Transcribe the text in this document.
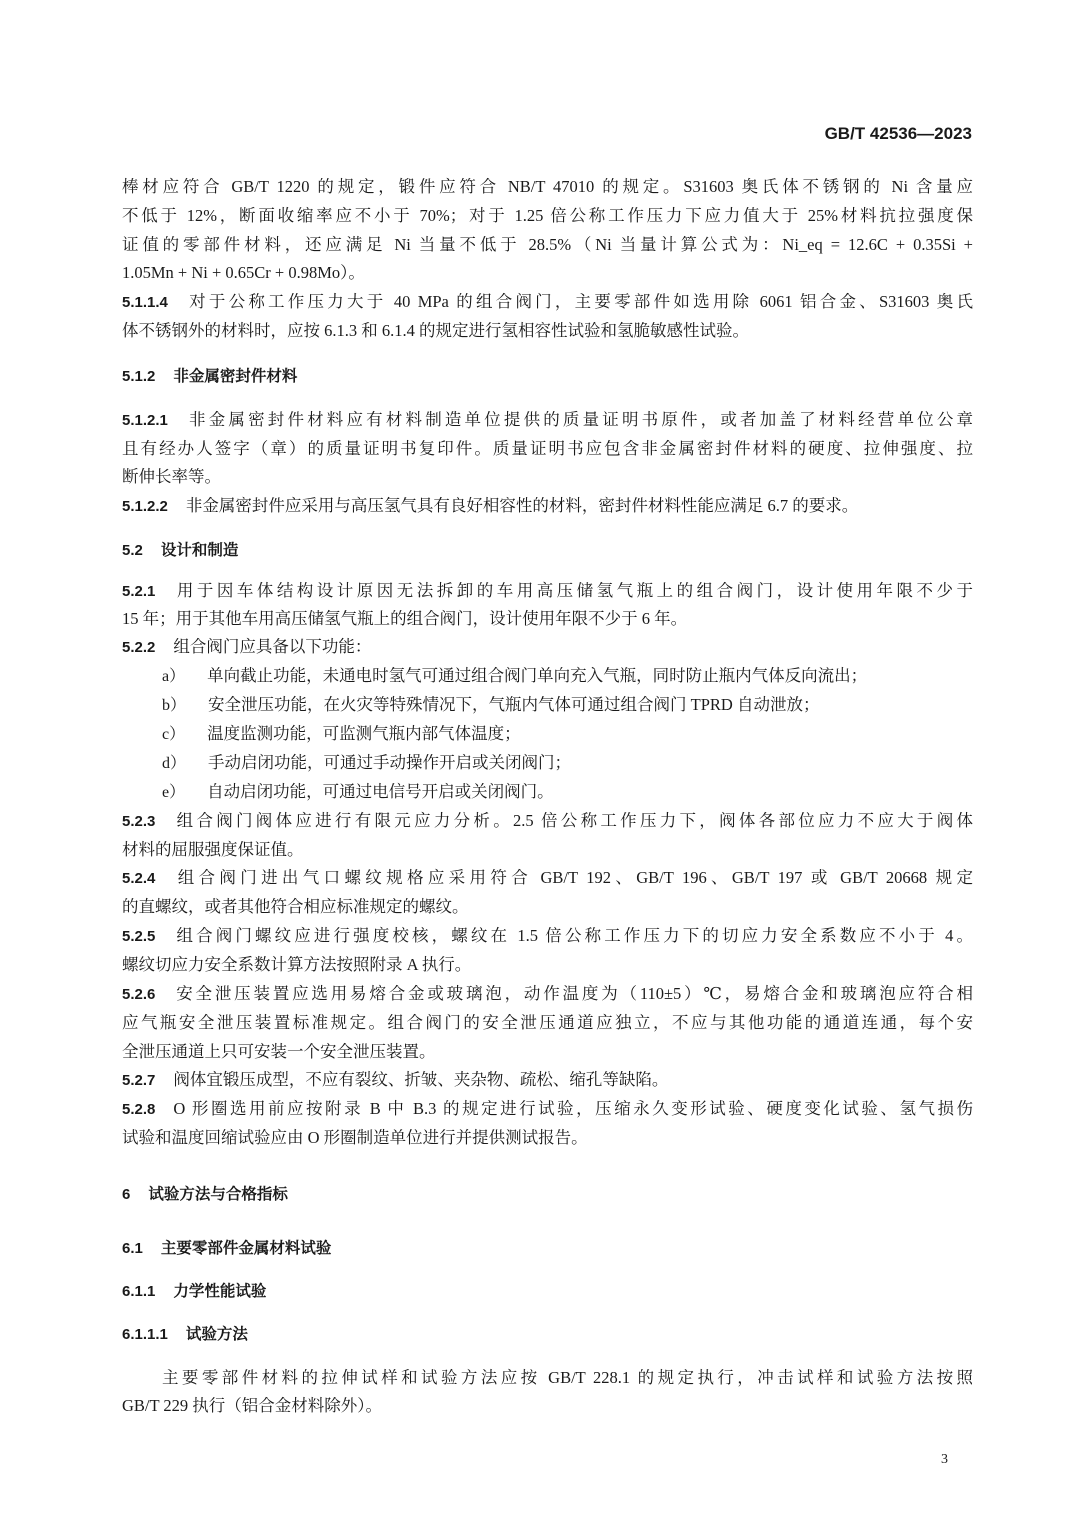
GB/T 42536—2023
棒材应符合 GB/T 1220 的规定，锻件应符合 NB/T 47010 的规定。S31603 奥氏体不锈钢的 Ni 含量应
不低于 12%，断面收缩率应不小于 70%；对于 1.25 倍公称工作压力下应力值大于 25%材料抗拉强度保
证值的零部件材料，还应满足 Ni 当量不低于 28.5%（Ni 当量计算公式为：Ni_eq = 12.6C + 0.35Si +
1.05Mn + Ni + 0.65Cr + 0.98Mo）。
5.1.1.4 对于公称工作压力大于 40 MPa 的组合阀门，主要零部件如选用除 6061 铝合金、S31603 奥氏
体不锈钢外的材料时，应按 6.1.3 和 6.1.4 的规定进行氢相容性试验和氢脆敏感性试验。
5.1.2 非金属密封件材料
5.1.2.1 非金属密封件材料应有材料制造单位提供的质量证明书原件，或者加盖了材料经营单位公章
且有经办人签字（章）的质量证明书复印件。质量证明书应包含非金属密封件材料的硬度、拉伸强度、拉
断伸长率等。
5.1.2.2 非金属密封件应采用与高压氢气具有良好相容性的材料，密封件材料性能应满足 6.7 的要求。
5.2 设计和制造
5.2.1 用于因车体结构设计原因无法拆卸的车用高压储氢气瓶上的组合阀门，设计使用年限不少于
15 年；用于其他车用高压储氢气瓶上的组合阀门，设计使用年限不少于 6 年。
5.2.2 组合阀门应具备以下功能：
a） 单向截止功能，未通电时氢气可通过组合阀门单向充入气瓶，同时防止瓶内气体反向流出；
b） 安全泄压功能，在火灾等特殊情况下，气瓶内气体可通过组合阀门 TPRD 自动泄放；
c） 温度监测功能，可监测气瓶内部气体温度；
d） 手动启闭功能，可通过手动操作开启或关闭阀门；
e） 自动启闭功能，可通过电信号开启或关闭阀门。
5.2.3 组合阀门阀体应进行有限元应力分析。2.5 倍公称工作压力下，阀体各部位应力不应大于阀体
材料的屈服强度保证值。
5.2.4 组合阀门进出气口螺纹规格应采用符合 GB/T 192、GB/T 196、GB/T 197 或 GB/T 20668 规定
的直螺纹，或者其他符合相应标准规定的螺纹。
5.2.5 组合阀门螺纹应进行强度校核，螺纹在 1.5 倍公称工作压力下的切应力安全系数应不小于 4。
螺纹切应力安全系数计算方法按照附录 A 执行。
5.2.6 安全泄压装置应选用易熔合金或玻璃泡，动作温度为（110±5）℃，易熔合金和玻璃泡应符合相
应气瓶安全泄压装置标准规定。组合阀门的安全泄压通道应独立，不应与其他功能的通道连通，每个安
全泄压通道上只可安装一个安全泄压装置。
5.2.7 阀体宜锻压成型，不应有裂纹、折皱、夹杂物、疏松、缩孔等缺陷。
5.2.8 O 形圈选用前应按附录 B 中 B.3 的规定进行试验，压缩永久变形试验、硬度变化试验、氢气损伤
试验和温度回缩试验应由 O 形圈制造单位进行并提供测试报告。
6 试验方法与合格指标
6.1 主要零部件金属材料试验
6.1.1 力学性能试验
6.1.1.1 试验方法
主要零部件材料的拉伸试样和试验方法应按 GB/T 228.1 的规定执行，冲击试样和试验方法按照
GB/T 229 执行（铝合金材料除外）。
3
